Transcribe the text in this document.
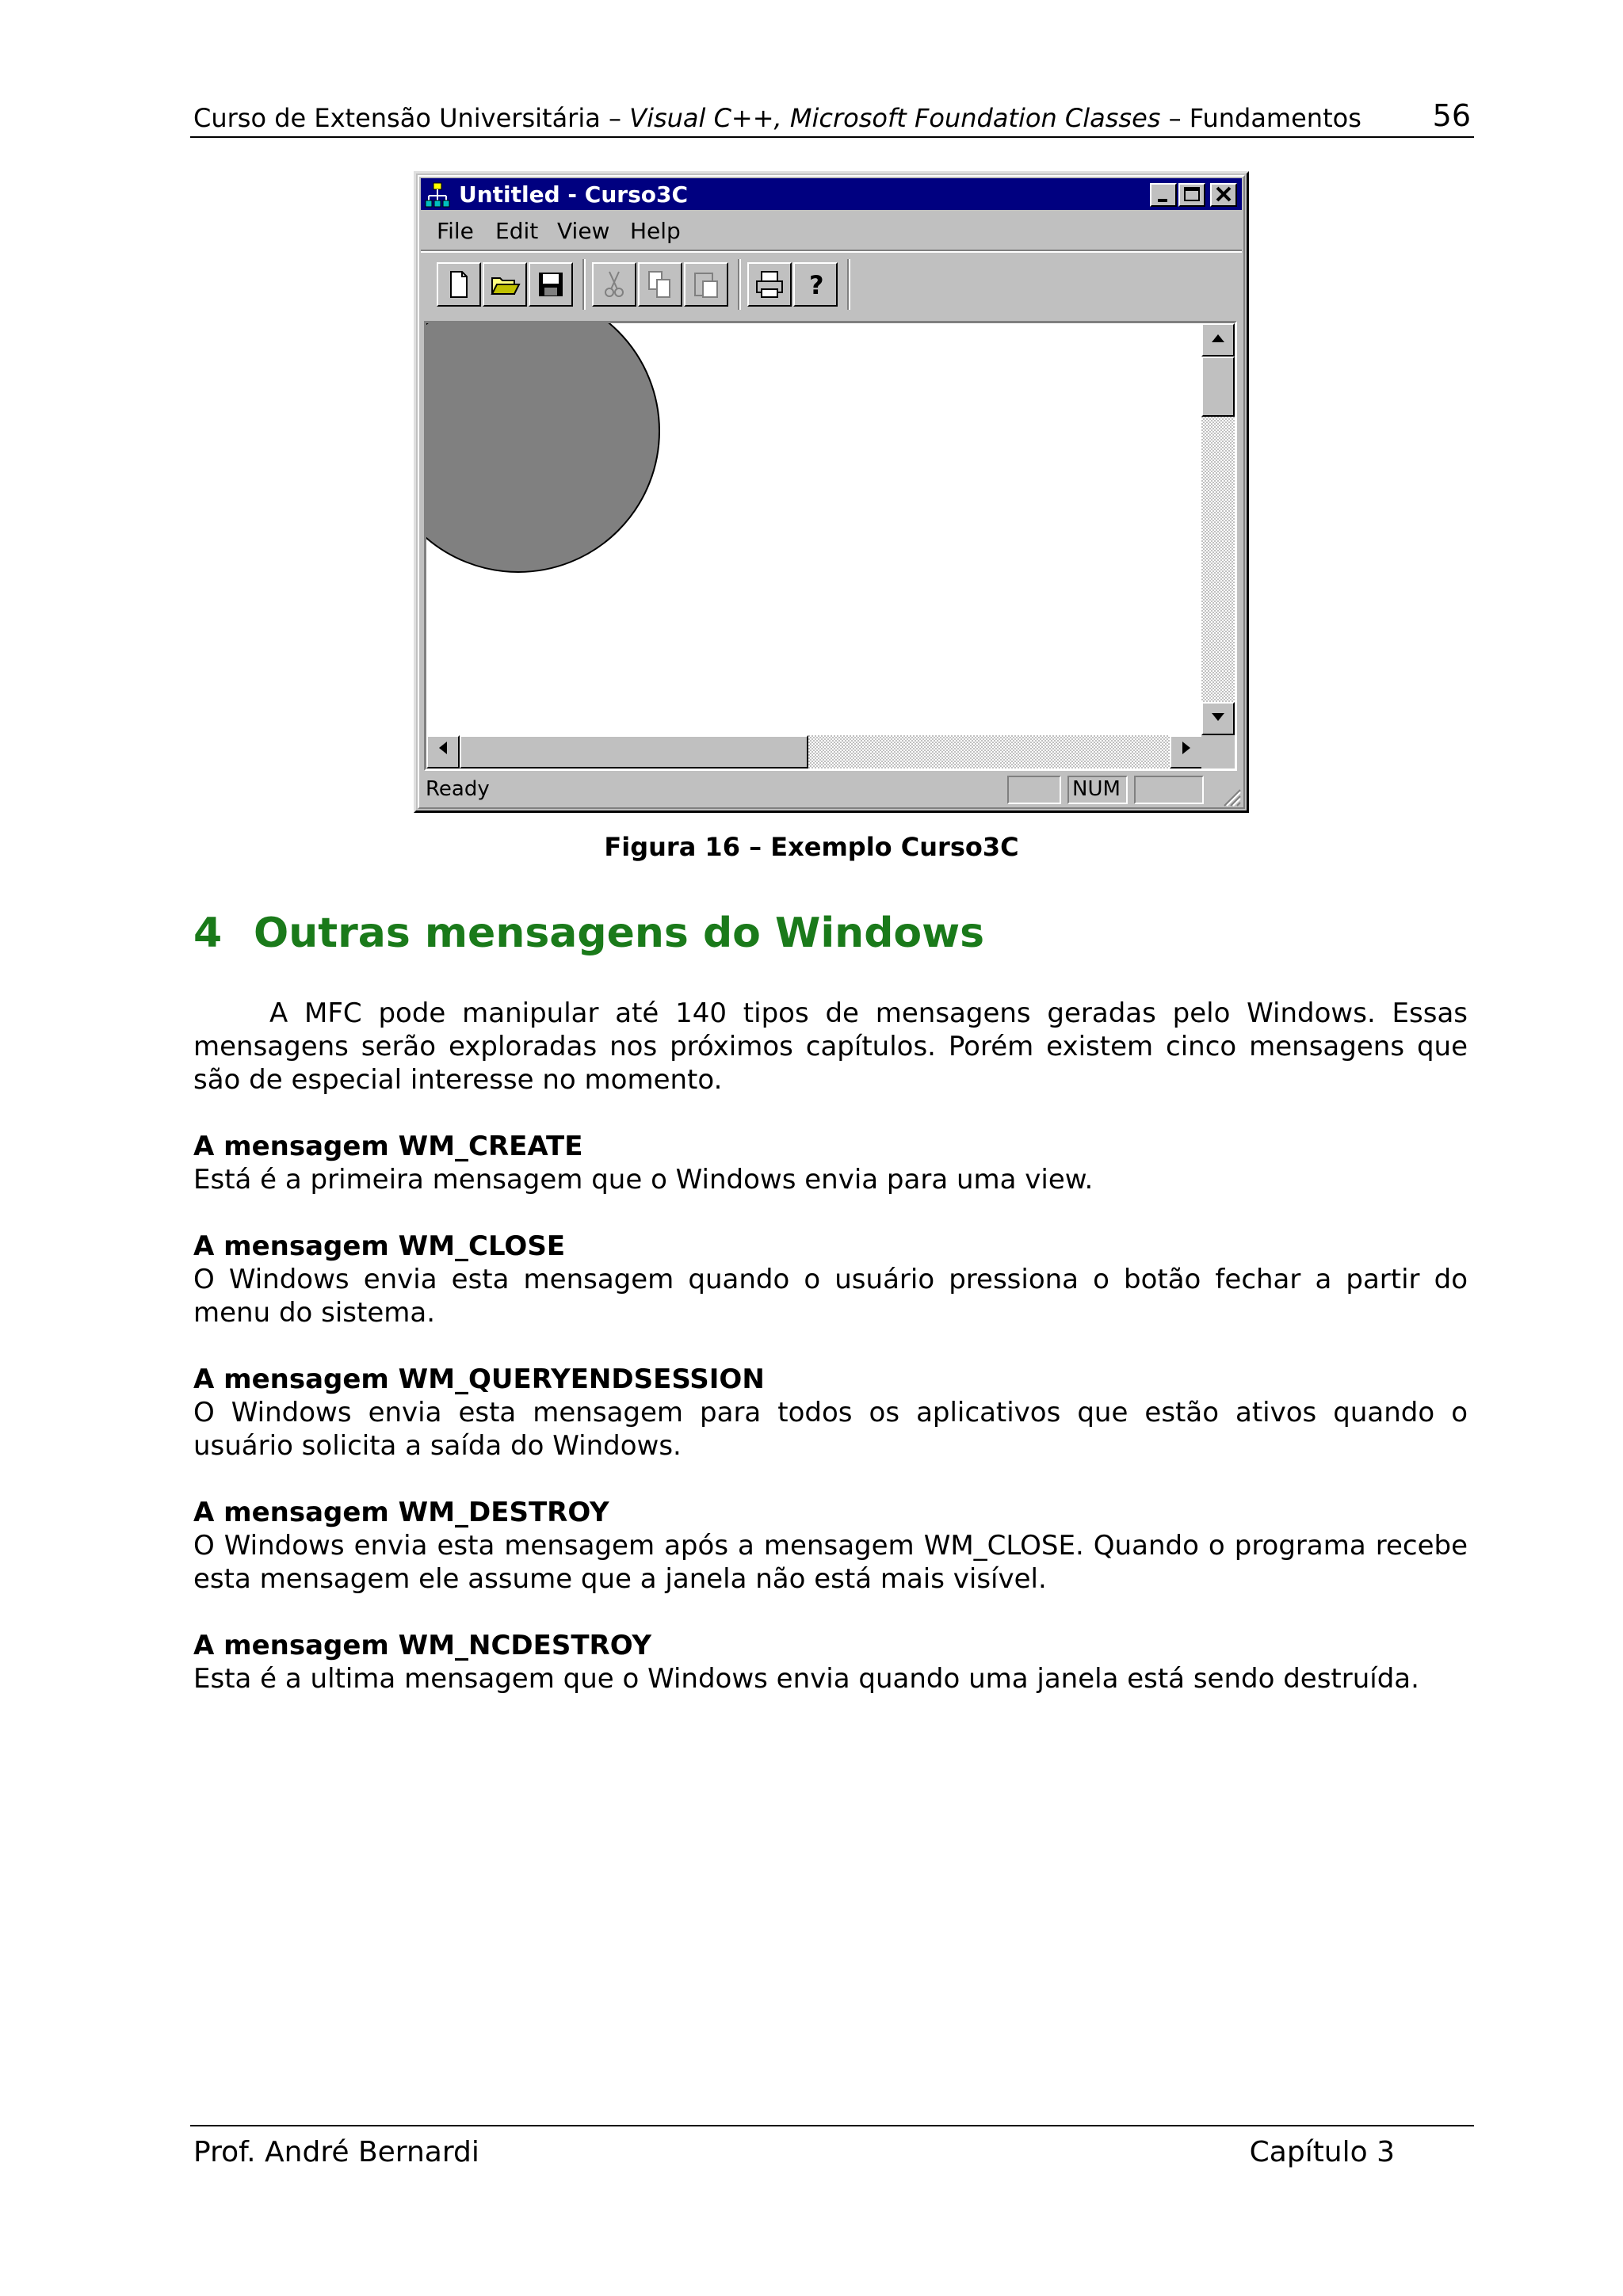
Curso de Extensão Universitária – Visual C++, Microsoft Foundation Classes – Fundamentos 56
Untitled - Curso3C
File Edit View Help
?
Ready	NUM
Figura 16 – Exemplo Curso3C
4 Outras mensagens do Windows
A MFC pode manipular até 140 tipos de mensagens geradas pelo Windows. Essas mensagens serão exploradas nos próximos capítulos. Porém existem cinco mensagens que são de especial interesse no momento.
A mensagem WM_CREATE
Está é a primeira mensagem que o Windows envia para uma view.
A mensagem WM_CLOSE
O Windows envia esta mensagem quando o usuário pressiona o botão fechar a partir do menu do sistema.
A mensagem WM_QUERYENDSESSION
O Windows envia esta mensagem para todos os aplicativos que estão ativos quando o usuário solicita a saída do Windows.
A mensagem WM_DESTROY
O Windows envia esta mensagem após a mensagem WM_CLOSE. Quando o programa recebe esta mensagem ele assume que a janela não está mais visível.
A mensagem WM_NCDESTROY
Esta é a ultima mensagem que o Windows envia quando uma janela está sendo destruída.
Prof. André Bernardi	Capítulo 3
